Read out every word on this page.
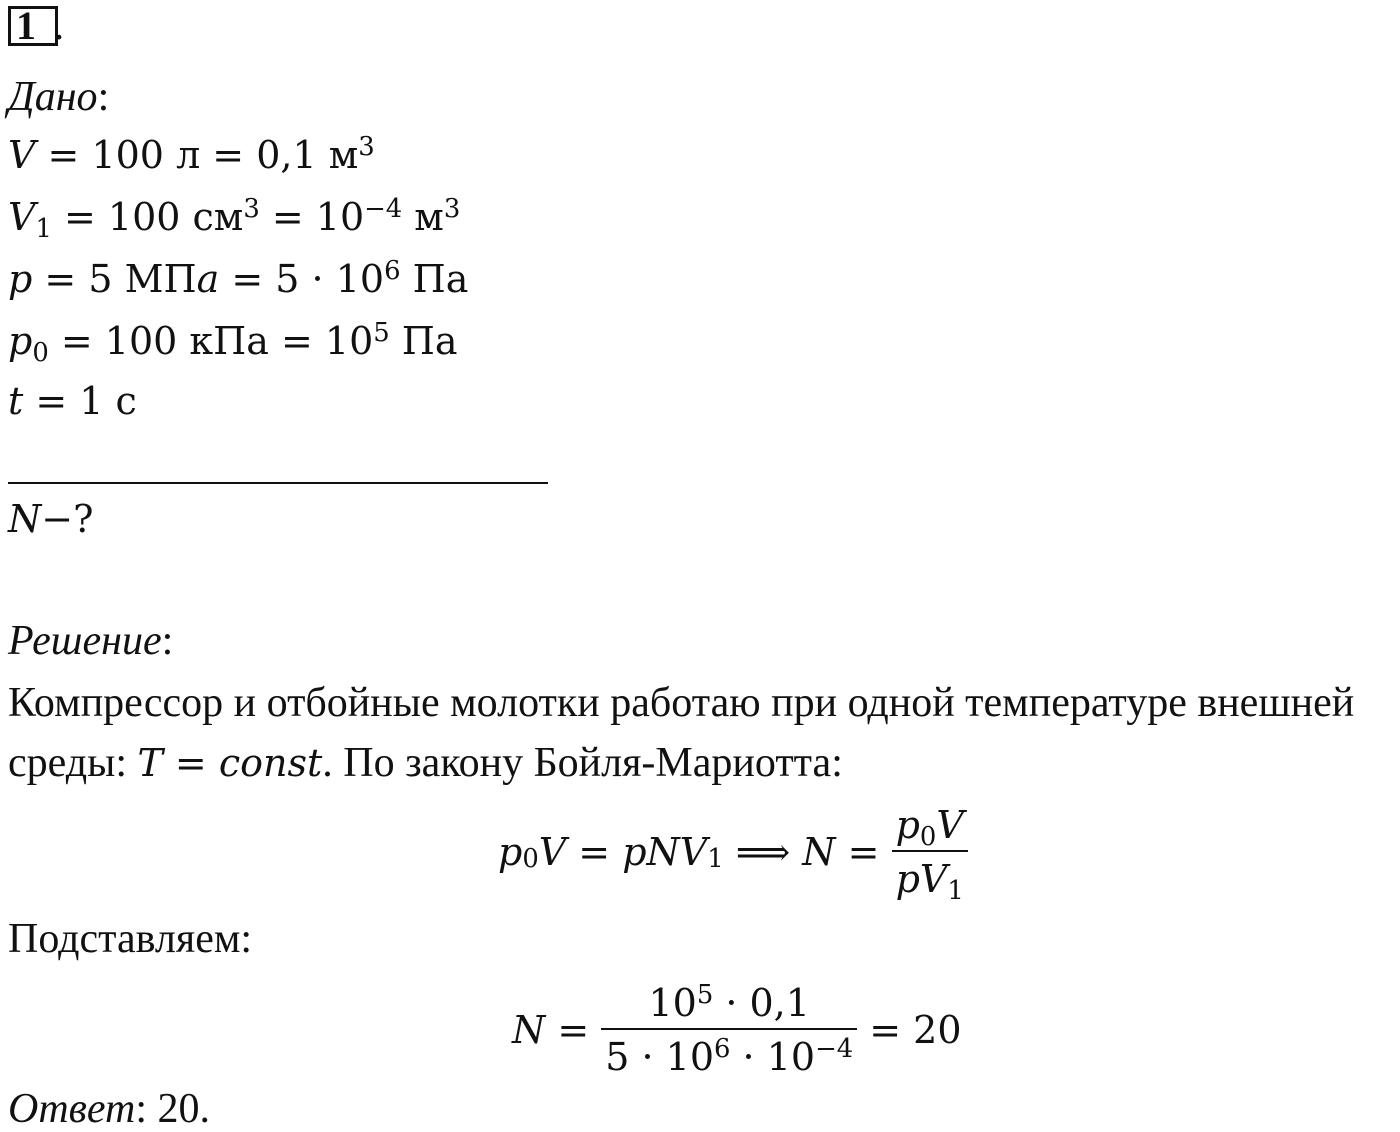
1 .
Дано:
V = 100 л = 0,1 $м^3$
$V_1 = 100$ $см^3 = 10^{-4}$ $м^3$
p = 5 МПa = $5 \cdot 10^6$ Па
$p_0 = 100$ кПа = $10^5$ Па
t = 1 с
N−?
Решение:
Компрессор и отбойные молотки работаю при одной температуре внешней
среды: T = const. По закону Бойля-Мариотта:
$p_0$ V = pNV$_1$ ⟹ $N = \frac{p_0V}{pV_1}$
Подставляем:
$N = \frac{10^5 \cdot 0,1}{5 \cdot 10^6 \cdot 10^{-4}} = 20$
Ответ: 20.
